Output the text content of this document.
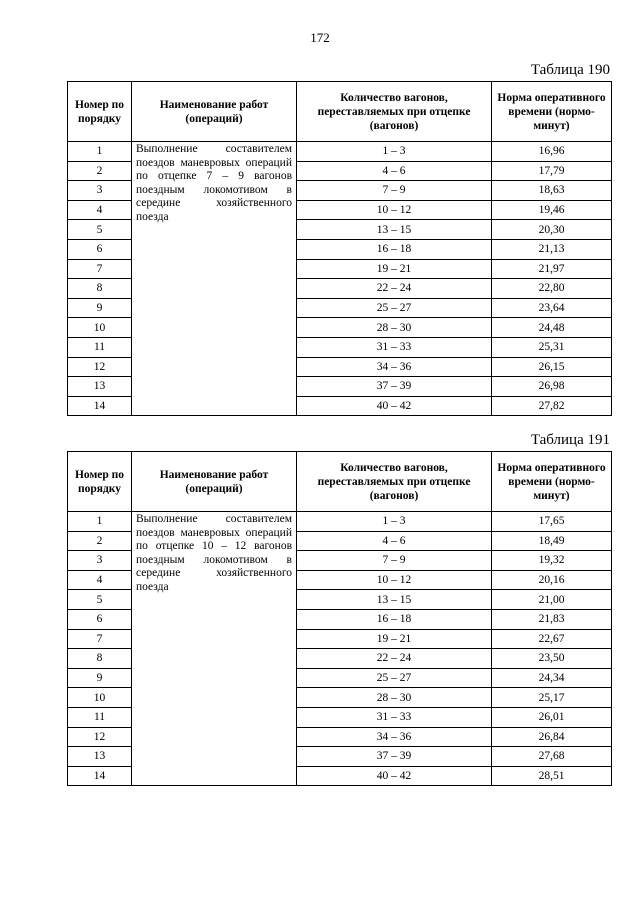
172
Таблица 190
Номер по порядку	Наименование работ (операций)	Количество вагонов, переставляемых при отцепке (вагонов)	Норма оперативного времени (нормо-минут)
1	Выполнение составителем поездов маневровых операций по отцепке 7 – 9 вагонов поездным локомотивом в середине хозяйственного поезда	1 – 3	16,96
2		4 – 6	17,79
3		7 – 9	18,63
4		10 – 12	19,46
5		13 – 15	20,30
6		16 – 18	21,13
7		19 – 21	21,97
8		22 – 24	22,80
9		25 – 27	23,64
10		28 – 30	24,48
11		31 – 33	25,31
12		34 – 36	26,15
13		37 – 39	26,98
14		40 – 42	27,82
Таблица 191
Номер по порядку	Наименование работ (операций)	Количество вагонов, переставляемых при отцепке (вагонов)	Норма оперативного времени (нормо-минут)
1	Выполнение составителем поездов маневровых операций по отцепке 10 – 12 вагонов поездным локомотивом в середине хозяйственного поезда	1 – 3	17,65
2		4 – 6	18,49
3		7 – 9	19,32
4		10 – 12	20,16
5		13 – 15	21,00
6		16 – 18	21,83
7		19 – 21	22,67
8		22 – 24	23,50
9		25 – 27	24,34
10		28 – 30	25,17
11		31 – 33	26,01
12		34 – 36	26,84
13		37 – 39	27,68
14		40 – 42	28,51
